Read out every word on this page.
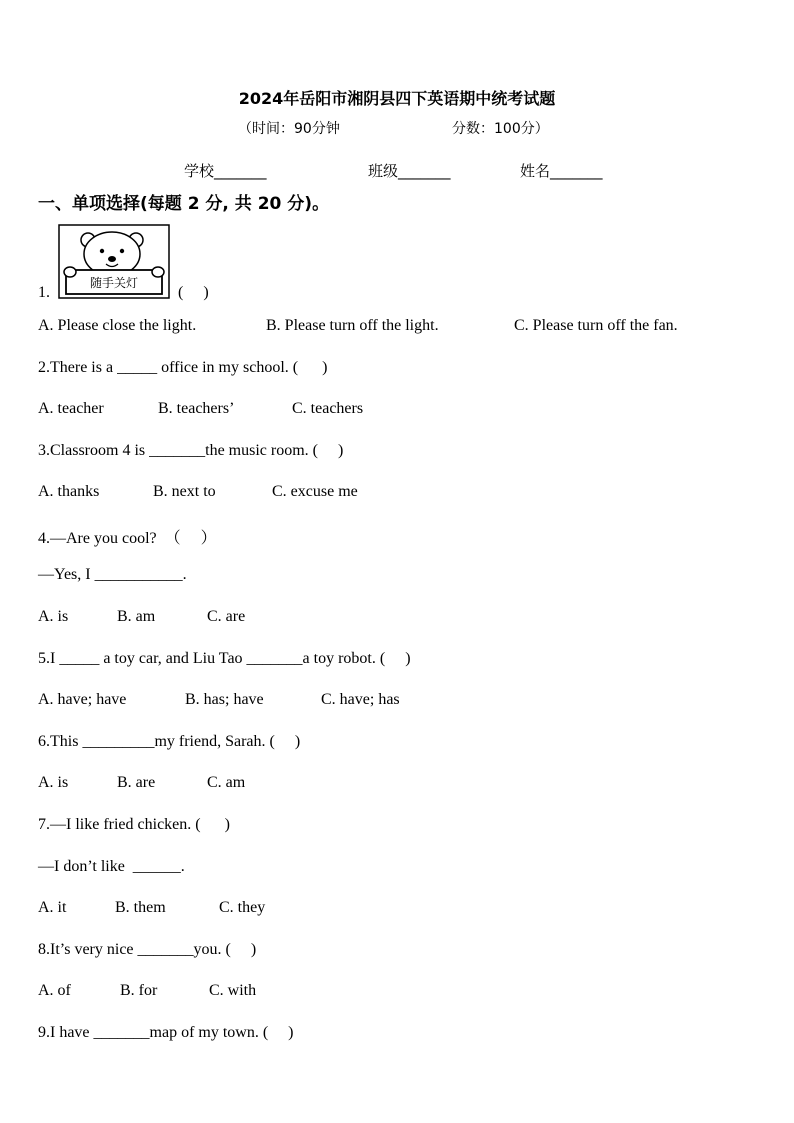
2024年岳阳市湘阴县四下英语期中统考试题
（时间：90分钟	分数：100分）
学校_______	班级_______	姓名_______
一、单项选择(每题 2 分, 共 20 分)。
1.
随手关灯
(     )
A. Please close the light.	B. Please turn off the light.	C. Please turn off the fan.
2.There is a _____ office in my school. (      )
A. teacher	B. teachers’	C. teachers
3.Classroom 4 is _______the music room. (     )
A. thanks	B. next to	C. excuse me
4.—Are you cool?  （     ）
—Yes, I ___________.
A. is	B. am	C. are
5.I _____ a toy car, and Liu Tao _______a toy robot. (     )
A. have; have	B. has; have	C. have; has
6.This _________my friend, Sarah. (     )
A. is	B. are	C. am
7.—I like fried chicken. (      )
—I don’t like  ______.
A. it	B. them	C. they
8.It’s very nice _______you. (     )
A. of	B. for	C. with
9.I have _______map of my town. (     )
